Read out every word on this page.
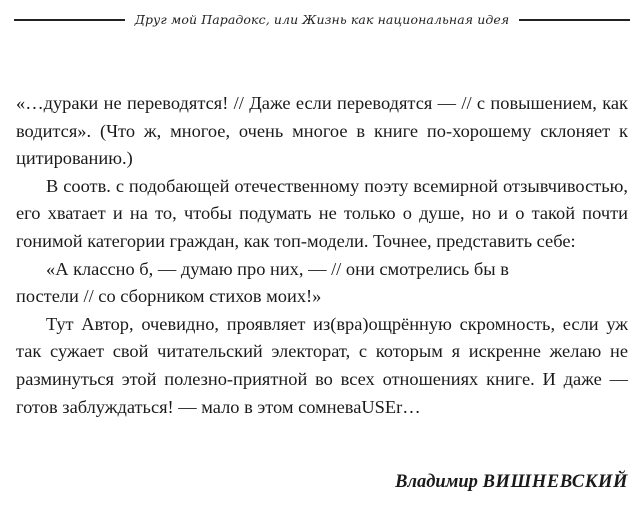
Друг мой Парадокс, или Жизнь как национальная идея

«…дураки не переводятся! // Даже если переводятся — // с повышением, как водится». (Что ж, многое, очень многое в книге по-хорошему склоняет к цитированию.)

В соотв. с подобающей отечественному поэту всемирной отзывчивостью, его хватает и на то, чтобы подумать не только о душе, но и о такой почти гонимой категории граждан, как топ-модели. Точнее, представить себе:

«А классно б, — думаю про них, — // они смотрелись бы в

постели // со сборником стихов моих!»

Тут Автор, очевидно, проявляет из(вра)ощрённую скромность, если уж так сужает свой читательский электорат, с которым я искренне желаю не разминуться этой полезно-приятной во всех отношениях книге. И даже — готов заблуждаться! — мало в этом сомневаUSEr…

Владимир ВИШНЕВСКИЙ
